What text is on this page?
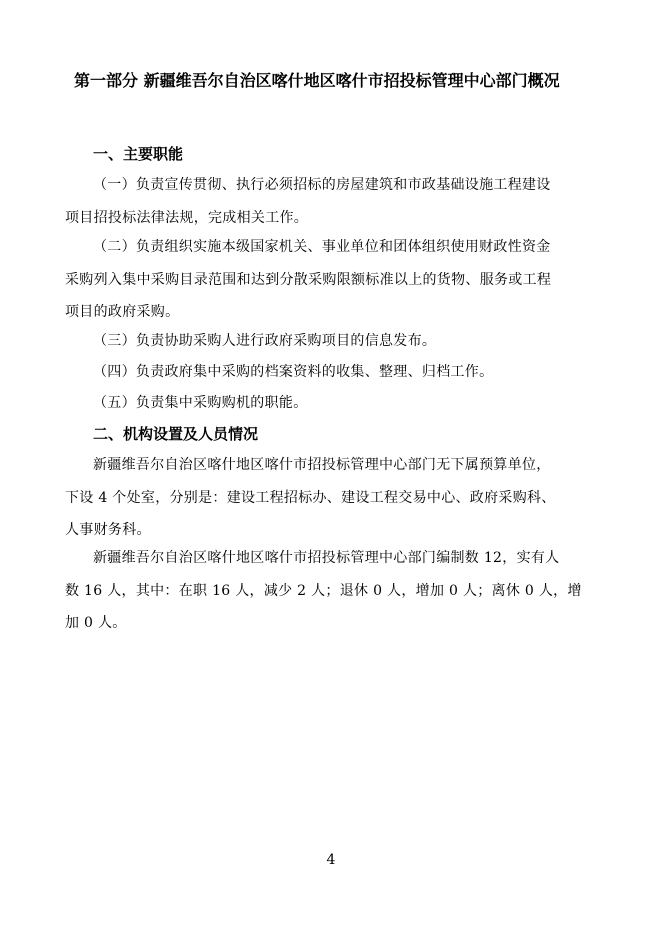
第一部分 新疆维吾尔自治区喀什地区喀什市招投标管理中心部门概况
一、主要职能
（一）负责宣传贯彻、执行必须招标的房屋建筑和市政基础设施工程建设
项目招投标法律法规，完成相关工作。
（二）负责组织实施本级国家机关、事业单位和团体组织使用财政性资金
采购列入集中采购目录范围和达到分散采购限额标准以上的货物、服务或工程
项目的政府采购。
（三）负责协助采购人进行政府采购项目的信息发布。
（四）负责政府集中采购的档案资料的收集、整理、归档工作。
（五）负责集中采购购机的职能。
二、机构设置及人员情况
新疆维吾尔自治区喀什地区喀什市招投标管理中心部门无下属预算单位，
下设 4 个处室，分别是：建设工程招标办、建设工程交易中心、政府采购科、
人事财务科。
新疆维吾尔自治区喀什地区喀什市招投标管理中心部门编制数 12，实有人
数 16 人，其中：在职 16 人，减少 2 人；退休 0 人，增加 0 人；离休 0 人，增
加 0 人。
4
